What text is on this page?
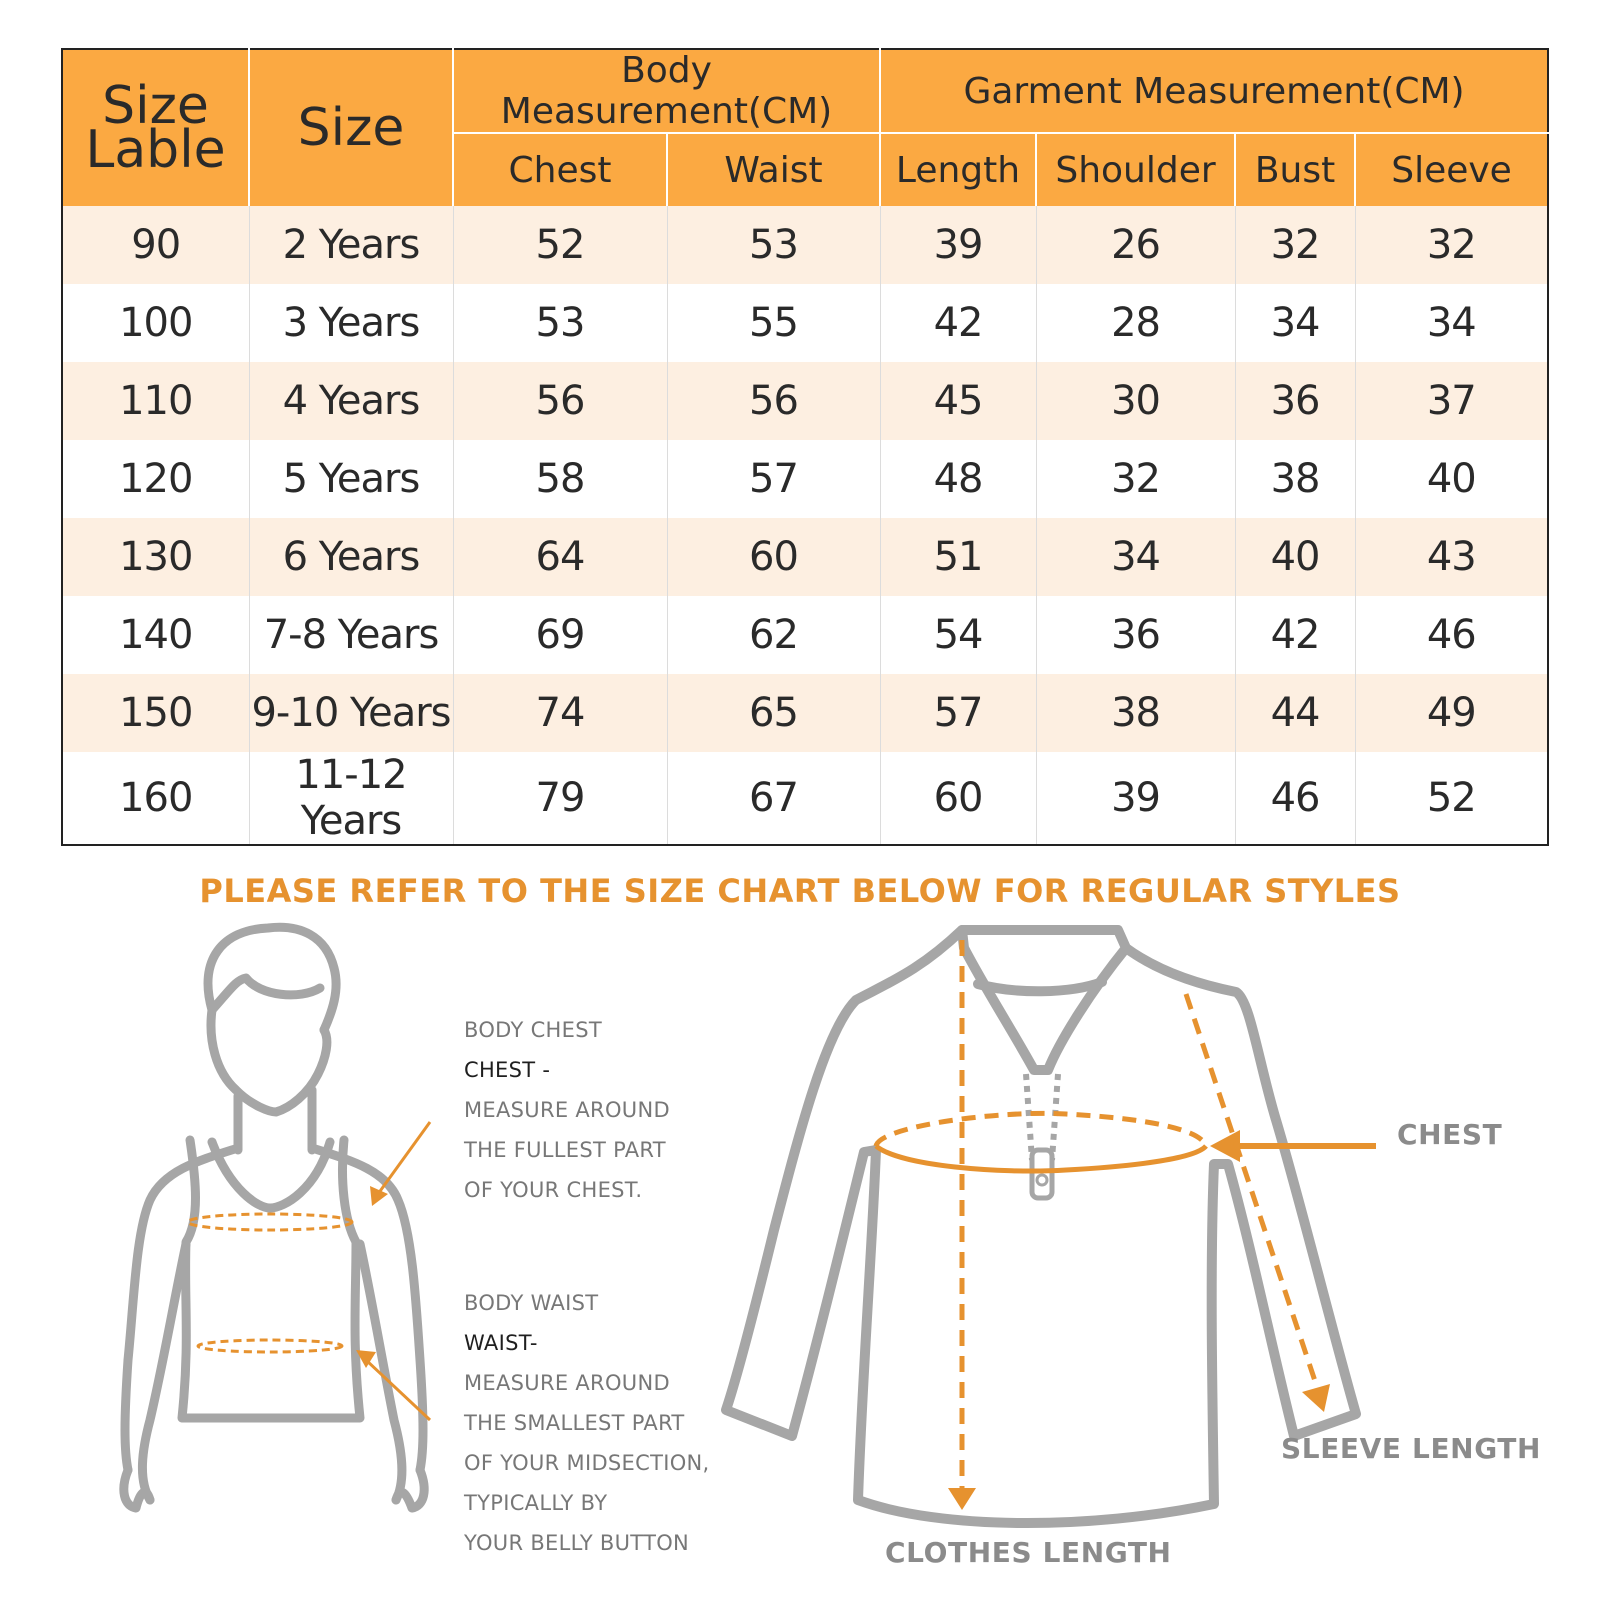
Size Lable	Size	Body Measurement(CM)		Garment Measurement(CM)			
		Chest	Waist	Length	Shoulder	Bust	Sleeve
90	2 Years	52	53	39	26	32	32
100	3 Years	53	55	42	28	34	34
110	4 Years	56	56	45	30	36	37
120	5 Years	58	57	48	32	38	40
130	6 Years	64	60	51	34	40	43
140	7-8 Years	69	62	54	36	42	46
150	9-10 Years	74	65	57	38	44	49
160	11-12 Years	79	67	60	39	46	52
PLEASE REFER TO THE SIZE CHART BELOW FOR REGULAR STYLES
BODY CHEST
CHEST -
MEASURE AROUND
THE FULLEST PART
OF YOUR CHEST.
BODY WAIST
WAIST-
MEASURE AROUND
THE SMALLEST PART
OF YOUR MIDSECTION,
TYPICALLY BY
YOUR BELLY BUTTON
CHEST
SLEEVE LENGTH
CLOTHES LENGTH
